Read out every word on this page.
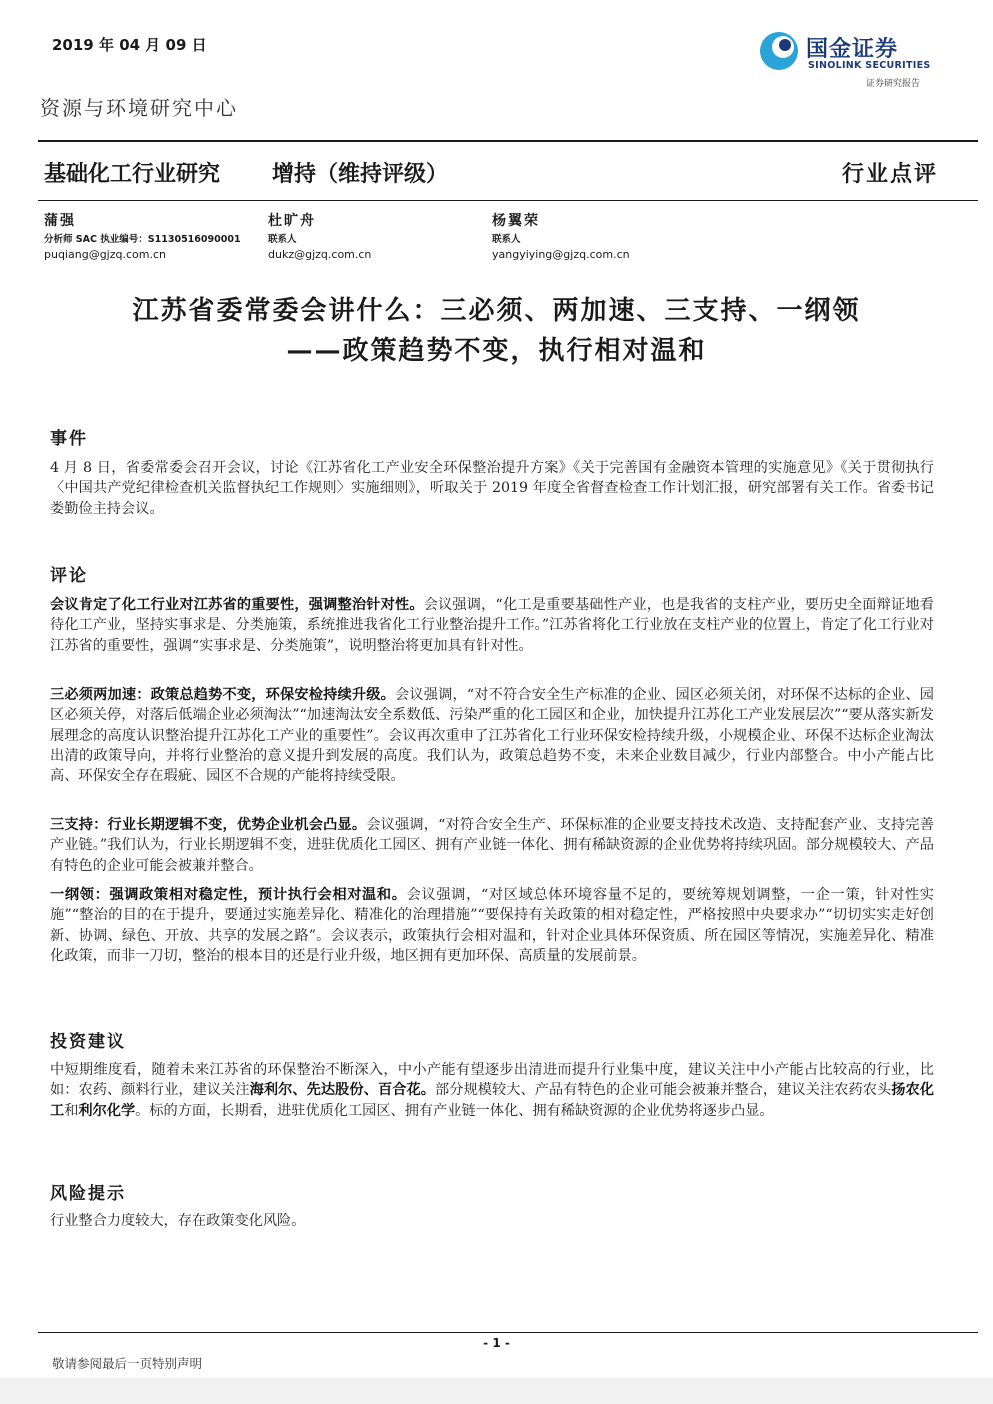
2019 年 04 月 09 日	国金证券
SINOLINK SECURITIES
证券研究报告
资源与环境研究中心
基础化工行业研究 增持（维持评级）	行业点评
蒲强
分析师 SAC 执业编号：S1130516090001
puqiang@gjzq.com.cn
杜旷舟
联系人
dukz@gjzq.com.cn
杨翼荣
联系人
yangyiying@gjzq.com.cn
江苏省委常委会讲什么：三必须、两加速、三支持、一纲领
——政策趋势不变，执行相对温和
事件
4 月 8 日，省委常委会召开会议，讨论《江苏省化工产业安全环保整治提升方案》《关于完善国有金融资本管理的实施意见》《关于贯彻执行〈中国共产党纪律检查机关监督执纪工作规则〉实施细则》，听取关于 2019 年度全省督查检查工作计划汇报，研究部署有关工作。省委书记娄勤俭主持会议。
评论
会议肯定了化工行业对江苏省的重要性，强调整治针对性。会议强调，“化工是重要基础性产业，也是我省的支柱产业，要历史全面辩证地看待化工产业，坚持实事求是、分类施策，系统推进我省化工行业整治提升工作。”江苏省将化工行业放在支柱产业的位置上，肯定了化工行业对江苏省的重要性，强调“实事求是、分类施策”，说明整治将更加具有针对性。
三必须两加速：政策总趋势不变，环保安检持续升级。会议强调，“对不符合安全生产标准的企业、园区必须关闭，对环保不达标的企业、园区必须关停，对落后低端企业必须淘汰”“加速淘汰安全系数低、污染严重的化工园区和企业，加快提升江苏化工产业发展层次”“要从落实新发展理念的高度认识整治提升江苏化工产业的重要性”。会议再次重申了江苏省化工行业环保安检持续升级，小规模企业、环保不达标企业淘汰出清的政策导向，并将行业整治的意义提升到发展的高度。我们认为，政策总趋势不变，未来企业数目减少，行业内部整合。中小产能占比高、环保安全存在瑕疵、园区不合规的产能将持续受限。
三支持：行业长期逻辑不变，优势企业机会凸显。会议强调，“对符合安全生产、环保标准的企业要支持技术改造、支持配套产业、支持完善产业链。”我们认为，行业长期逻辑不变，进驻优质化工园区、拥有产业链一体化、拥有稀缺资源的企业优势将持续巩固。部分规模较大、产品有特色的企业可能会被兼并整合。
一纲领：强调政策相对稳定性，预计执行会相对温和。会议强调，“对区域总体环境容量不足的，要统筹规划调整，一企一策，针对性实施”“整治的目的在于提升，要通过实施差异化、精准化的治理措施”“要保持有关政策的相对稳定性，严格按照中央要求办”“切切实实走好创新、协调、绿色、开放、共享的发展之路”。会议表示，政策执行会相对温和，针对企业具体环保资质、所在园区等情况，实施差异化、精准化政策，而非一刀切，整治的根本目的还是行业升级，地区拥有更加环保、高质量的发展前景。
投资建议
中短期维度看，随着未来江苏省的环保整治不断深入，中小产能有望逐步出清进而提升行业集中度，建议关注中小产能占比较高的行业，比如：农药、颜料行业，建议关注海利尔、先达股份、百合花。部分规模较大、产品有特色的企业可能会被兼并整合，建议关注农药农头扬农化工和利尔化学。标的方面，长期看，进驻优质化工园区、拥有产业链一体化、拥有稀缺资源的企业优势将逐步凸显。
风险提示
行业整合力度较大，存在政策变化风险。
- 1 -
敬请参阅最后一页特别声明
